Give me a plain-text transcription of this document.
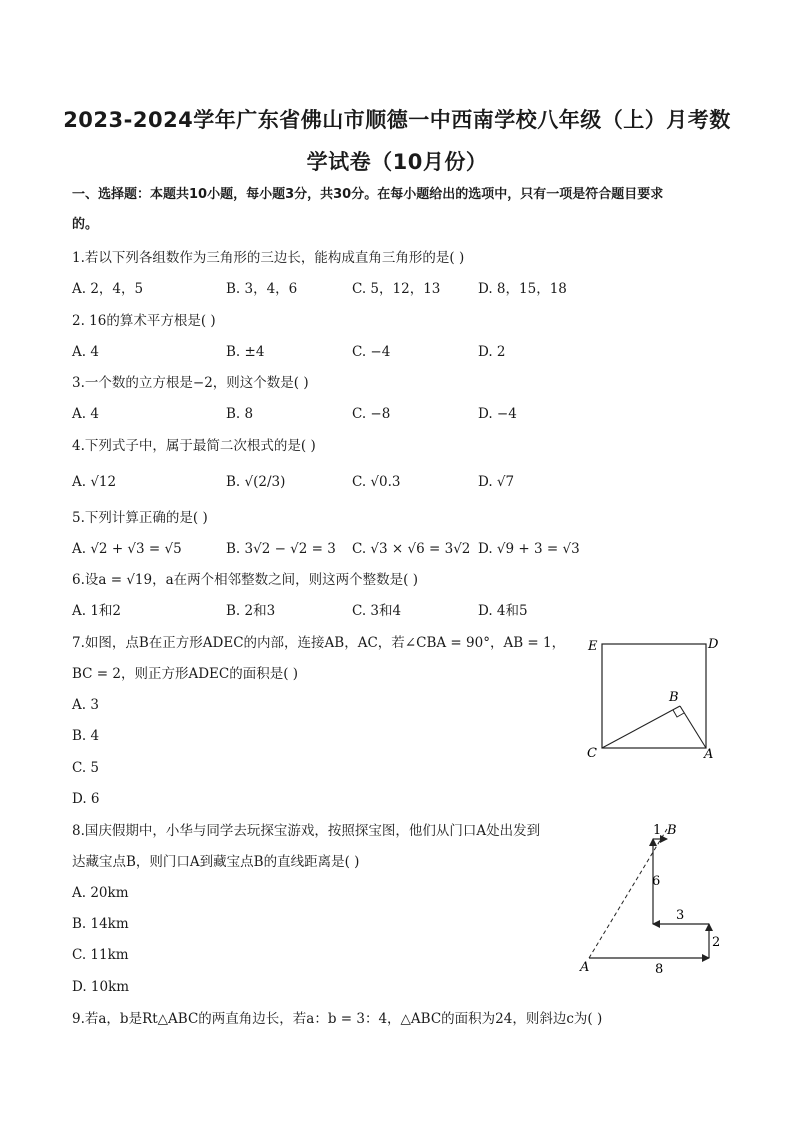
2023-2024学年广东省佛山市顺德一中西南学校八年级（上）月考数
学试卷（10月份）
一、选择题：本题共10小题，每小题3分，共30分。在每小题给出的选项中，只有一项是符合题目要求
的。
1.若以下列各组数作为三角形的三边长，能构成直角三角形的是( )
A. 2，4，5	B. 3，4，6	C. 5，12，13	D. 8，15，18
2. 16的算术平方根是( )
A. 4	B. ±4	C. −4	D. 2
3.一个数的立方根是−2，则这个数是( )
A. 4	B. 8	C. −8	D. −4
4.下列式子中，属于最简二次根式的是( )
A. √12	B. √(2/3)	C. √0.3	D. √7
5.下列计算正确的是( )
A. √2 + √3 = √5	B. 3√2 − √2 = 3 C. √3 × √6 = 3√2 D. √9 + 3 = √3
6.设a = √19，a在两个相邻整数之间，则这两个整数是( )
A. 1和2	B. 2和3	C. 3和4	D. 4和5
7.如图，点B在正方形ADEC的内部，连接AB，AC，若∠CBA = 90°，AB = 1，
BC = 2，则正方形ADEC的面积是( )
A. 3
B. 4
C. 5
D. 6
E	D
B
C	A
8.国庆假期中，小华与同学去玩探宝游戏，按照探宝图，他们从门口A处出发到
达藏宝点B，则门口A到藏宝点B的直线距离是( )
A. 20km
B. 14km
C. 11km
D. 10km
1 B
6
3
2
A	8
9.若a，b是Rt△ABC的两直角边长，若a：b = 3：4，△ABC的面积为24，则斜边c为( )
